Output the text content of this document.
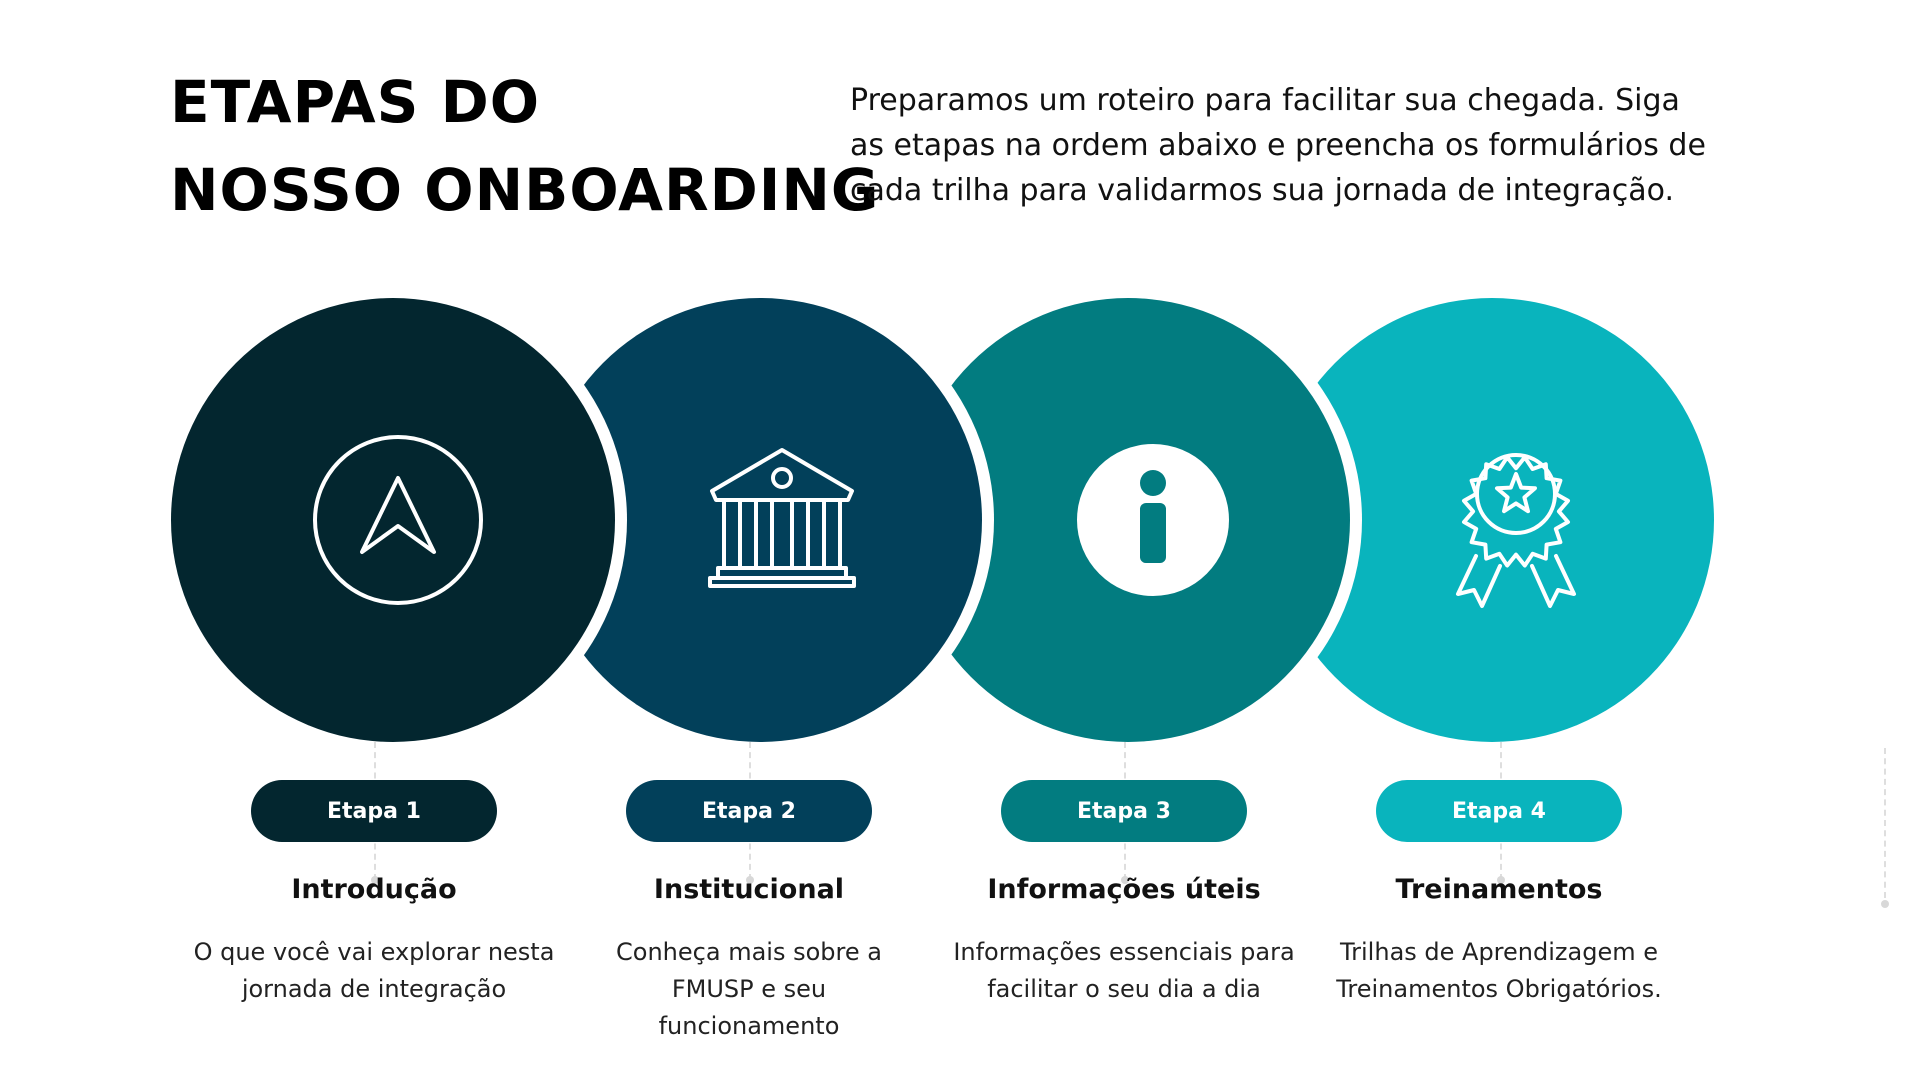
ETAPAS DO
NOSSO ONBOARDING

Preparamos um roteiro para facilitar sua chegada. Siga as etapas na ordem abaixo e preencha os formulários de cada trilha para validarmos sua jornada de integração.

Etapa 1
Introdução
O que você vai explorar nesta jornada de integração
Etapa 2
Institucional
Conheça mais sobre a FMUSP e seu funcionamento
Etapa 3
Informações úteis
Informações essenciais para facilitar o seu dia a dia
Etapa 4
Treinamentos
Trilhas de Aprendizagem e Treinamentos Obrigatórios.
